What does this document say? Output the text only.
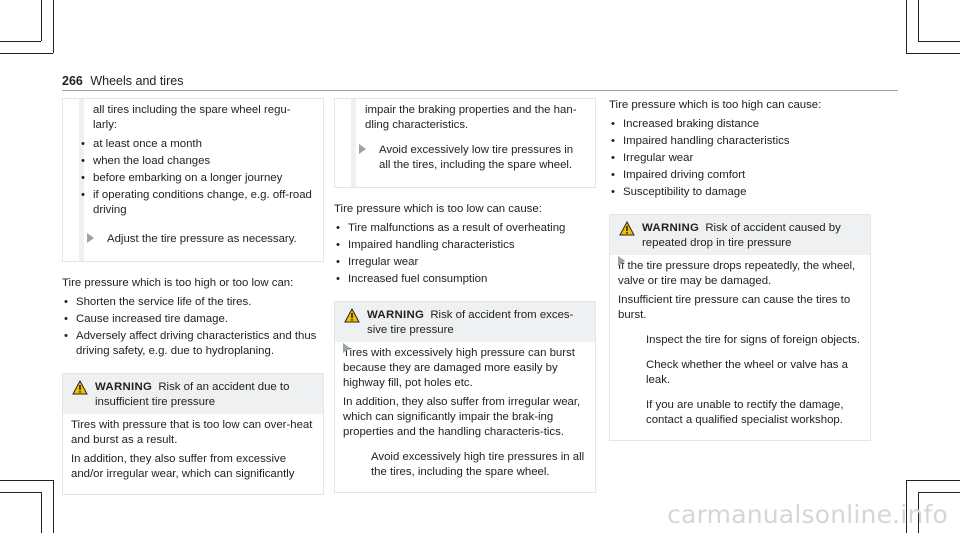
266 Wheels and tires

all tires including the spare wheel regu-larly:

• at least once a month
• when the load changes
• before embarking on a longer journey
• if operating conditions change, e.g. off-road driving
Adjust the tire pressure as necessary.

Tire pressure which is too high or too low can:

• Shorten the service life of the tires.
• Cause increased tire damage.
• Adversely affect driving characteristics and thus driving safety, e.g. due to hydroplaning.
WARNING Risk of an accident due to insufficient tire pressure

Tires with pressure that is too low can over-heat and burst as a result.

In addition, they also suffer from excessive and/or irregular wear, which can significantly

impair the braking properties and the han-dling characteristics.

Avoid excessively low tire pressures in all the tires, including the spare wheel.

Tire pressure which is too low can cause:

• Tire malfunctions as a result of overheating
• Impaired handling characteristics
• Irregular wear
• Increased fuel consumption
WARNING Risk of accident from exces-sive tire pressure

Tires with excessively high pressure can burst because they are damaged more easily by highway fill, pot holes etc.

In addition, they also suffer from irregular wear, which can significantly impair the brak-ing properties and the handling characteris-tics.

Avoid excessively high tire pressures in all the tires, including the spare wheel.

Tire pressure which is too high can cause:

• Increased braking distance
• Impaired handling characteristics
• Irregular wear
• Impaired driving comfort
• Susceptibility to damage
WARNING Risk of accident caused by repeated drop in tire pressure

If the tire pressure drops repeatedly, the wheel, valve or tire may be damaged.

Insufficient tire pressure can cause the tires to burst.

Inspect the tire for signs of foreign objects.
Check whether the wheel or valve has a leak.
If you are unable to rectify the damage, contact a qualified specialist workshop.
carmanualsonline.info
